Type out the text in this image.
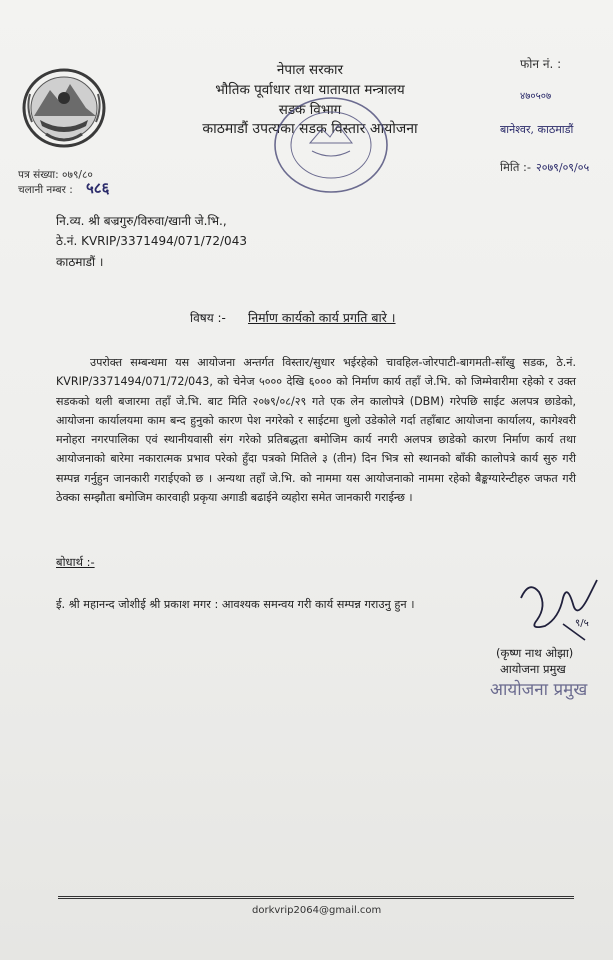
नेपाल सरकार
भौतिक पूर्वाधार तथा यातायात मन्त्रालय
सडक विभाग
काठमाडौं उपत्यका सडक विस्तार आयोजना
फोन नं. :
४७०५०७
बानेश्वर, काठमाडौं
मिति :- २०७९/०९/०५
पत्र संख्या: ०७९/८०
चलानी नम्बर : ५८६
नि.व्य. श्री बज्रगुरु/विरुवा/खानी जे.भि.,
ठे.नं. KVRIP/3371494/071/72/043
काठमाडौं ।
विषय :- निर्माण कार्यको कार्य प्रगति बारे ।
उपरोक्त सम्बन्धमा यस आयोजना अन्तर्गत विस्तार/सुधार भईरहेको चावहिल-जोरपाटी-बागमती-साँखु सडक, ठे.नं. KVRIP/3371494/071/72/043, को चेनेज ५००० देखि ६००० को निर्माण कार्य तहाँ जे.भि. को जिम्मेवारीमा रहेको र उक्त सडकको थली बजारमा तहाँ जे.भि. बाट मिति २०७९/०८/२९ गते एक लेन कालोपत्रे (DBM) गरेपछि साईट अलपत्र छाडेको, आयोजना कार्यालयमा काम बन्द हुनुको कारण पेश नगरेको र साईटमा धुलो उडेकोले गर्दा तहाँबाट आयोजना कार्यालय, कागेश्वरी मनोहरा नगरपालिका एवं स्थानीयवासी संग गरेको प्रतिबद्धता बमोजिम कार्य नगरी अलपत्र छाडेको कारण निर्माण कार्य तथा आयोजनाको बारेमा नकारात्मक प्रभाव परेको हुँदा पत्रको मितिले ३ (तीन) दिन भित्र सो स्थानको बाँकी कालोपत्रे कार्य सुरु गरी सम्पन्न गर्नुहुन जानकारी गराईएको छ । अन्यथा तहाँ जे.भि. को नाममा यस आयोजनाको नाममा रहेको बैङ्कग्यारेन्टीहरु जफत गरी ठेक्का सम्झौता बमोजिम कारवाही प्रकृया अगाडी बढाईने व्यहोरा समेत जानकारी गराईन्छ ।
बोधार्थ :-
ई. श्री महानन्द जोशीई श्री प्रकाश मगर : आवश्यक समन्वय गरी कार्य सम्पन्न गराउनु हुन ।
९/५
(कृष्ण नाथ ओझा)
आयोजना प्रमुख
आयोजना प्रमुख
dorkvrip2064@gmail.com
